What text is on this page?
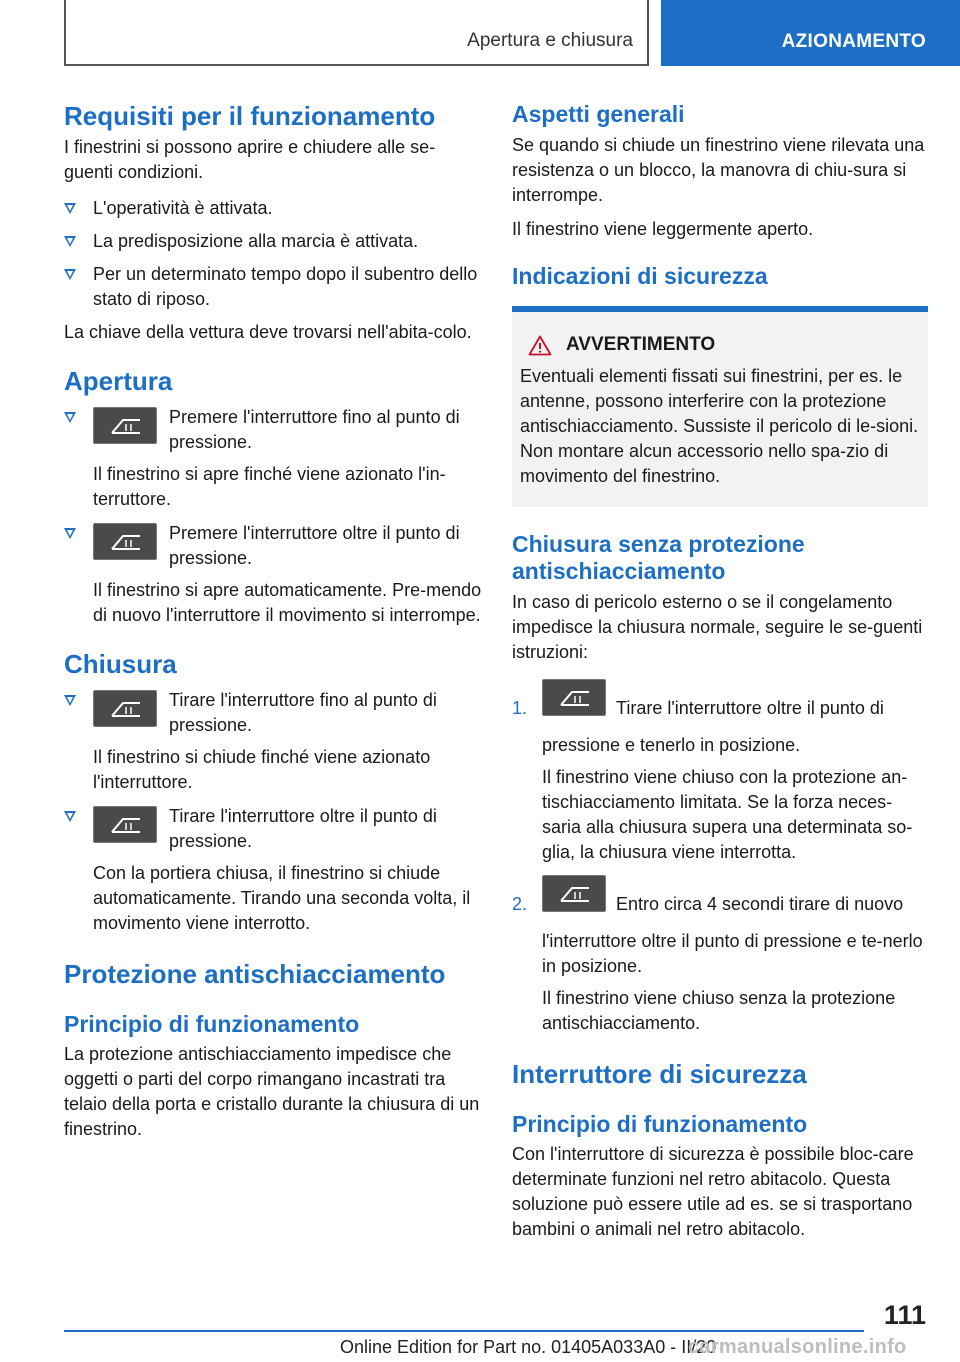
Apertura e chiusura	AZIONAMENTO
Requisiti per il funzionamento

I finestrini si possono aprire e chiudere alle se-guenti condizioni.

L'operatività è attivata.
La predisposizione alla marcia è attivata.
Per un determinato tempo dopo il subentro dello stato di riposo.

La chiave della vettura deve trovarsi nell'abita-colo.

Apertura
Premere l'interruttore fino al punto di pressione.

Il finestrino si apre finché viene azionato l'in-terruttore.

Premere l'interruttore oltre il punto di pressione.

Il finestrino si apre automaticamente. Pre-mendo di nuovo l'interruttore il movimento si interrompe.

Chiusura
Tirare l'interruttore fino al punto di pressione.

Il finestrino si chiude finché viene azionato l'interruttore.

Tirare l'interruttore oltre il punto di pressione.

Con la portiera chiusa, il finestrino si chiude automaticamente. Tirando una seconda volta, il movimento viene interrotto.

Protezione antischiacciamento
Principio di funzionamento

La protezione antischiacciamento impedisce che oggetti o parti del corpo rimangano incastrati tra telaio della porta e cristallo durante la chiusura di un finestrino.

Aspetti generali

Se quando si chiude un finestrino viene rilevata una resistenza o un blocco, la manovra di chiu-sura si interrompe.

Il finestrino viene leggermente aperto.

Indicazioni di sicurezza
AVVERTIMENTO

Eventuali elementi fissati sui finestrini, per es. le antenne, possono interferire con la protezione antischiacciamento. Sussiste il pericolo di le-sioni. Non montare alcun accessorio nello spa-zio di movimento del finestrino.

Chiusura senza protezione antischiacciamento

In caso di pericolo esterno o se il congelamento impedisce la chiusura normale, seguire le se-guenti istruzioni:

1.	Tirare l'interruttore oltre il punto di pressione e tenerlo in posizione.

Il finestrino viene chiuso con la protezione an-tischiacciamento limitata. Se la forza neces-saria alla chiusura supera una determinata so-glia, la chiusura viene interrotta.

2.	Entro circa 4 secondi tirare di nuovo l'interruttore oltre il punto di pressione e te-nerlo in posizione.

Il finestrino viene chiuso senza la protezione antischiacciamento.

Interruttore di sicurezza
Principio di funzionamento

Con l'interruttore di sicurezza è possibile bloc-care determinate funzioni nel retro abitacolo. Questa soluzione può essere utile ad es. se si trasportano bambini o animali nel retro abitacolo.

111
Online Edition for Part no. 01405A033A0 - II/20
carmanualsonline.info
